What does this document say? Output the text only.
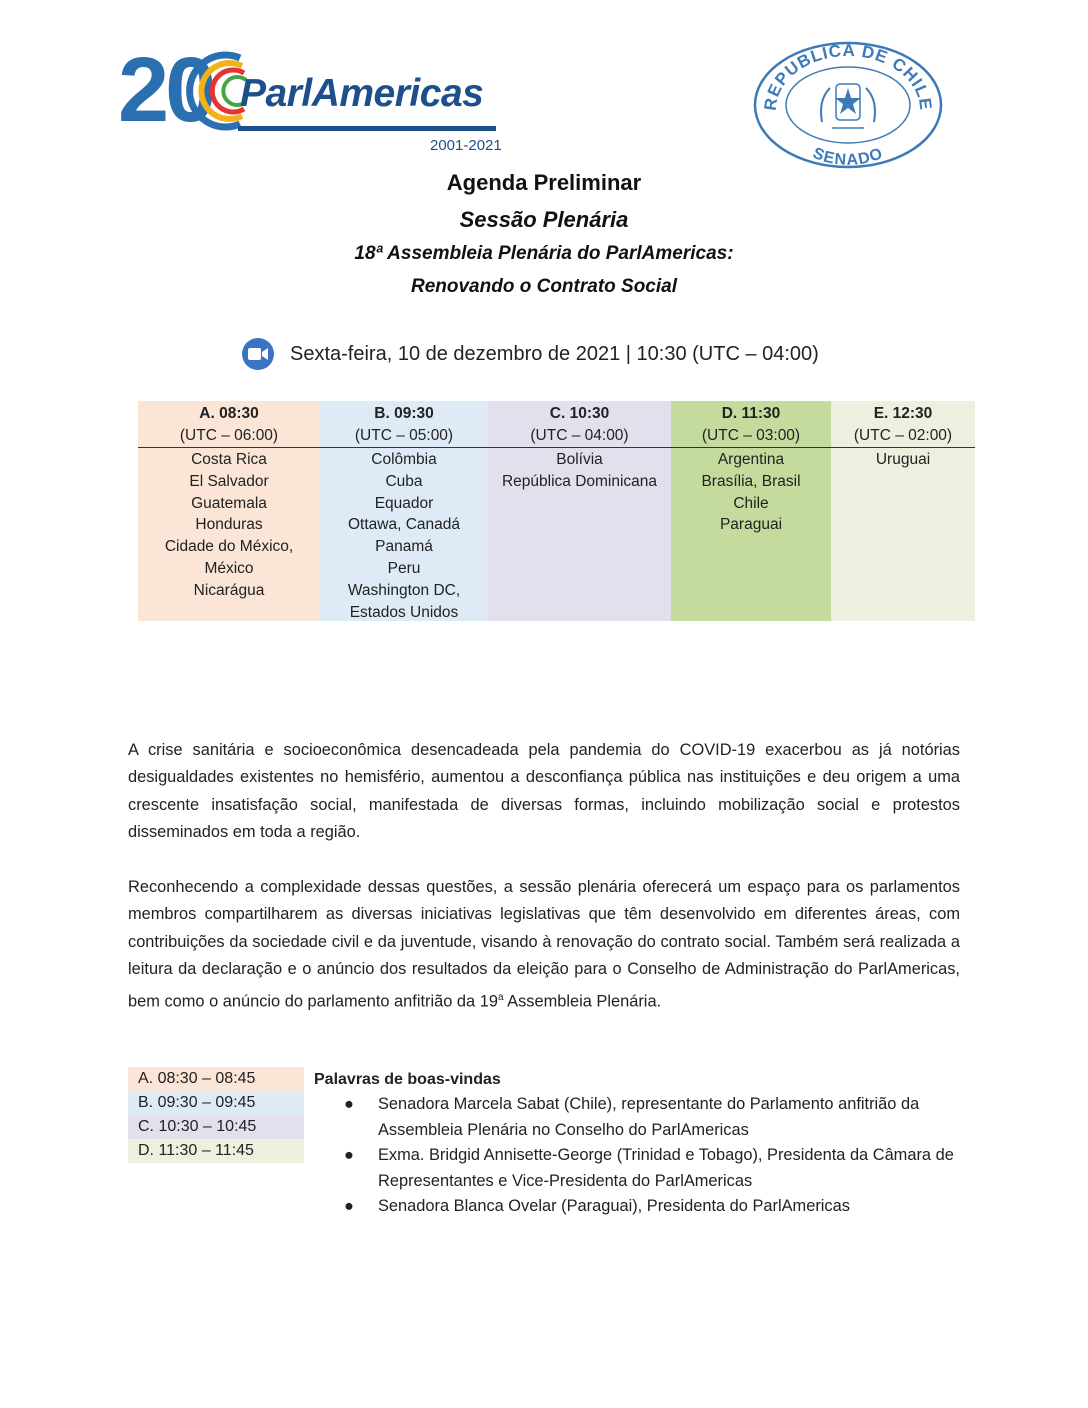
20 ParlAmericas
2001-2021
REPUBLICA DE CHILE
SENADO
Agenda Preliminar
Sessão Plenária
18ª Assembleia Plenária do ParlAmericas:
Renovando o Contrato Social
Sexta-feira, 10 de dezembro de 2021 | 10:30 (UTC – 04:00)
A. 08:30
(UTC – 06:00)
Costa Rica
El Salvador
Guatemala
Honduras
Cidade do México,
México
Nicarágua
B. 09:30
(UTC – 05:00)
Colômbia
Cuba
Equador
Ottawa, Canadá
Panamá
Peru
Washington DC,
Estados Unidos
C. 10:30
(UTC – 04:00)
Bolívia
República Dominicana
D. 11:30
(UTC – 03:00)
Argentina
Brasília, Brasil
Chile
Paraguai
E. 12:30
(UTC – 02:00)
Uruguai
A crise sanitária e socioeconômica desencadeada pela pandemia do COVID-19 exacerbou as já notórias desigualdades existentes no hemisfério, aumentou a desconfiança pública nas instituições e deu origem a uma crescente insatisfação social, manifestada de diversas formas, incluindo mobilização social e protestos disseminados em toda a região.
Reconhecendo a complexidade dessas questões, a sessão plenária oferecerá um espaço para os parlamentos membros compartilharem as diversas iniciativas legislativas que têm desenvolvido em diferentes áreas, com contribuições da sociedade civil e da juventude, visando à renovação do contrato social. Também será realizada a leitura da declaração e o anúncio dos resultados da eleição para o Conselho de Administração do ParlAmericas, bem como o anúncio do parlamento anfitrião da 19$^a$ Assembleia Plenária.
A. 08:30 – 08:45
B. 09:30 – 09:45
C. 10:30 – 10:45
D. 11:30 – 11:45
Palavras de boas-vindas
● Senadora Marcela Sabat (Chile), representante do Parlamento anfitrião da Assembleia Plenária no Conselho do ParlAmericas
● Exma. Bridgid Annisette-George (Trinidad e Tobago), Presidenta da Câmara de Representantes e Vice-Presidenta do ParlAmericas
● Senadora Blanca Ovelar (Paraguai), Presidenta do ParlAmericas
